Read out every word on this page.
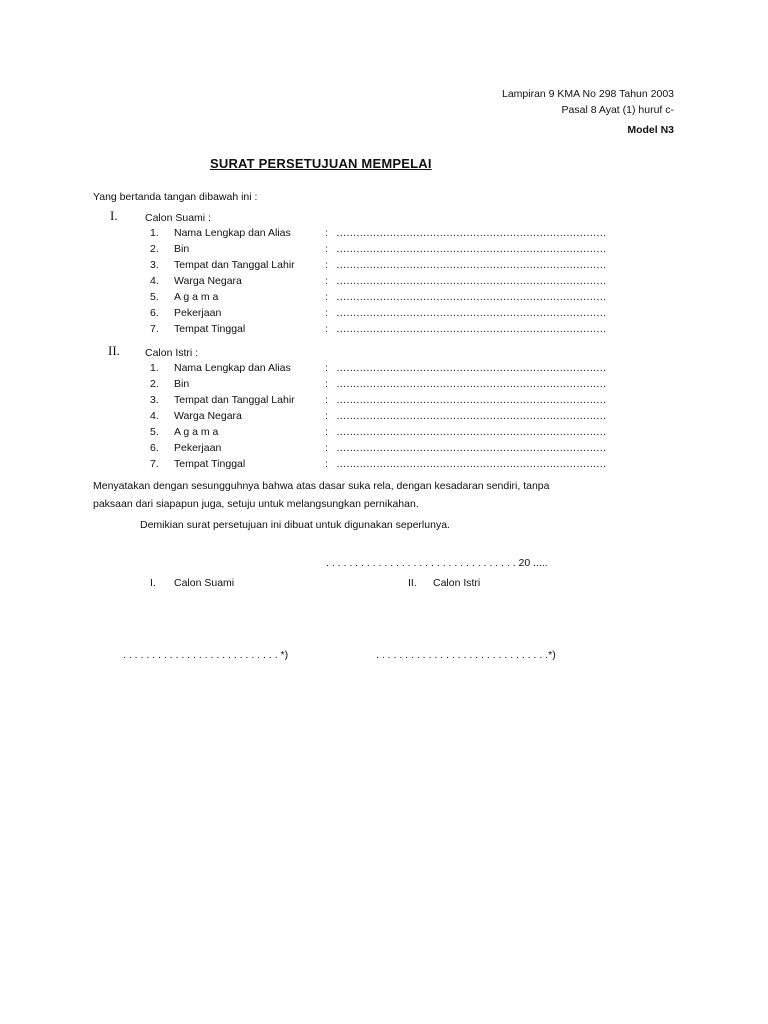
Lampiran 9 KMA No 298 Tahun 2003
Pasal 8 Ayat (1) huruf c-
Model N3
SURAT PERSETUJUAN MEMPELAI
Yang bertanda tangan dibawah ini :
I.	Calon Suami :
1. Nama Lengkap dan Alias	: ………………………………………………………………………
2. Bin	: ………………………………………………………………………
3. Tempat dan Tanggal Lahir	: ………………………………………………………………………
4. Warga Negara	: ………………………………………………………………………
5. A g a m a	: ………………………………………………………………………
6. Pekerjaan	: ………………………………………………………………………
7. Tempat Tinggal	: ………………………………………………………………………
II. Calon Istri :
1. Nama Lengkap dan Alias	: ………………………………………………………………………
2. Bin	: ………………………………………………………………………
3. Tempat dan Tanggal Lahir	: ………………………………………………………………………
4. Warga Negara	: ………………………………………………………………………
5. A g a m a	: ………………………………………………………………………
6. Pekerjaan	: ………………………………………………………………………
7. Tempat Tinggal	: ………………………………………………………………………
Menyatakan dengan sesungguhnya bahwa atas dasar suka rela, dengan kesadaran sendiri, tanpa paksaan dari siapapun juga, setuju untuk melangsungkan pernikahan.
Demikian surat persetujuan ini dibuat untuk digunakan seperlunya.
. . . . . . . . . . . . . . . . . . . . . . . . . . . . . . . . . 20 .....
I. Calon Suami	II. Calon Istri
. . . . . . . . . . . . . . . . . . . . . . . . . . . *)	. . . . . . . . . . . . . . . . . . . . . . . . . . . . . .*)
